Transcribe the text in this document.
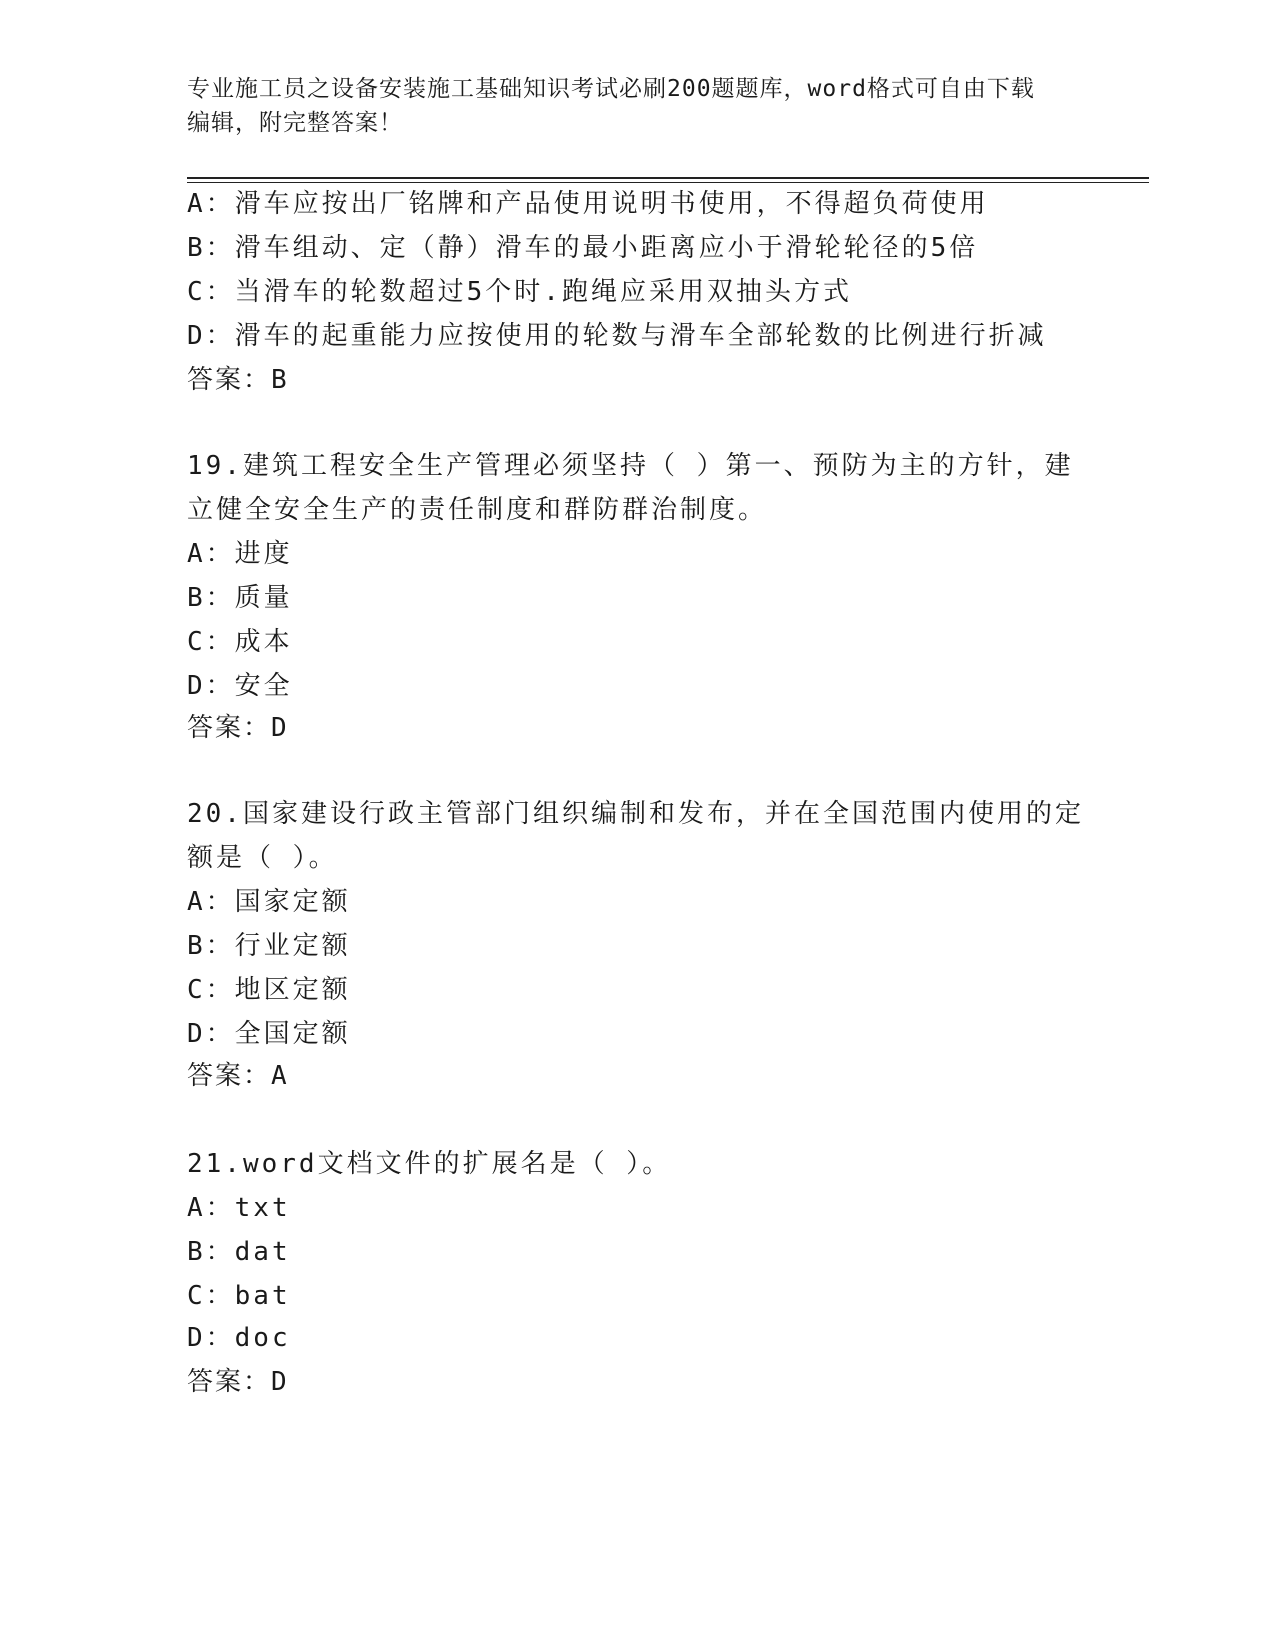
专业施工员之设备安装施工基础知识考试必刷200题题库，word格式可自由下载
编辑，附完整答案！
A：滑车应按出厂铭牌和产品使用说明书使用，不得超负荷使用
B：滑车组动、定（静）滑车的最小距离应小于滑轮轮径的5倍
C：当滑车的轮数超过5个时.跑绳应采用双抽头方式
D：滑车的起重能力应按使用的轮数与滑车全部轮数的比例进行折减
答案：B
19.建筑工程安全生产管理必须坚持（ ）第一、预防为主的方针，建
立健全安全生产的责任制度和群防群治制度。
A：进度
B：质量
C：成本
D：安全
答案：D
20.国家建设行政主管部门组织编制和发布，并在全国范围内使用的定
额是（ ）。
A：国家定额
B：行业定额
C：地区定额
D：全国定额
答案：A
21.word文档文件的扩展名是（ ）。
A：txt
B：dat
C：bat
D：doc
答案：D
